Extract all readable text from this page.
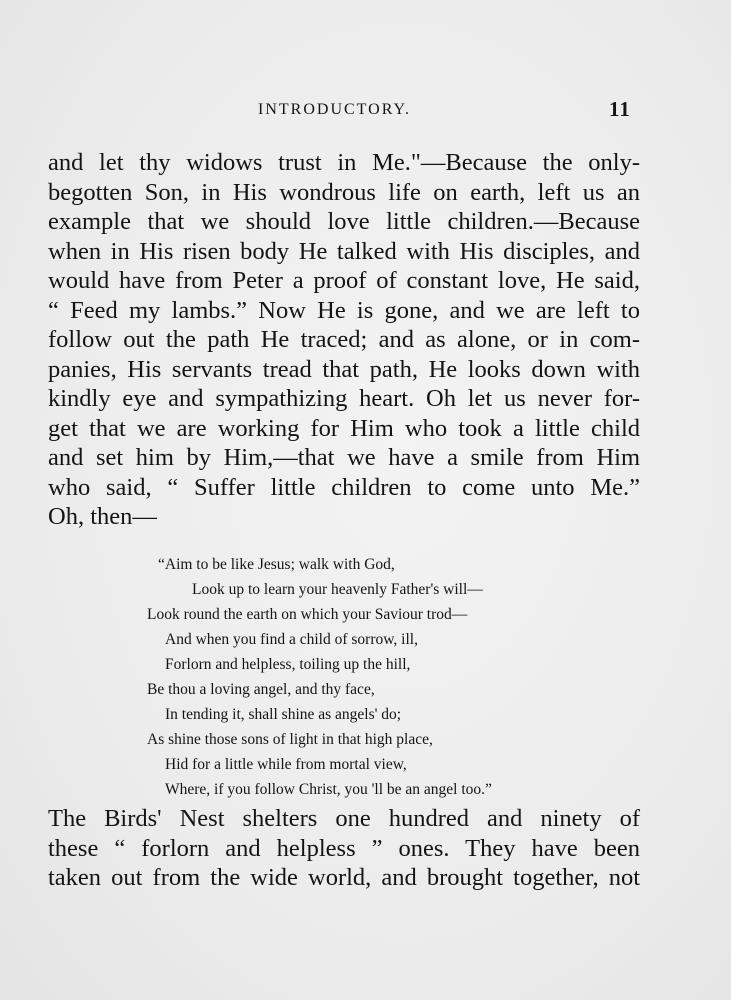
INTRODUCTORY.	11
and let thy widows trust in Me."—Because the only-
begotten Son, in His wondrous life on earth, left us an
example that we should love little children.—Because
when in His risen body He talked with His disciples, and
would have from Peter a proof of constant love, He said,
“ Feed my lambs.” Now He is gone, and we are left to
follow out the path He traced; and as alone, or in com-
panies, His servants tread that path, He looks down with
kindly eye and sympathizing heart. Oh let us never for-
get that we are working for Him who took a little child
and set him by Him,—that we have a smile from Him
who said, “ Suffer little children to come unto Me.”
Oh, then—
“Aim to be like Jesus; walk with God,
Look up to learn your heavenly Father's will—
Look round the earth on which your Saviour trod—
And when you find a child of sorrow, ill,
Forlorn and helpless, toiling up the hill,
Be thou a loving angel, and thy face,
In tending it, shall shine as angels' do;
As shine those sons of light in that high place,
Hid for a little while from mortal view,
Where, if you follow Christ, you 'll be an angel too.”
The Birds' Nest shelters one hundred and ninety of
these “ forlorn and helpless ” ones. They have been
taken out from the wide world, and brought together, not
